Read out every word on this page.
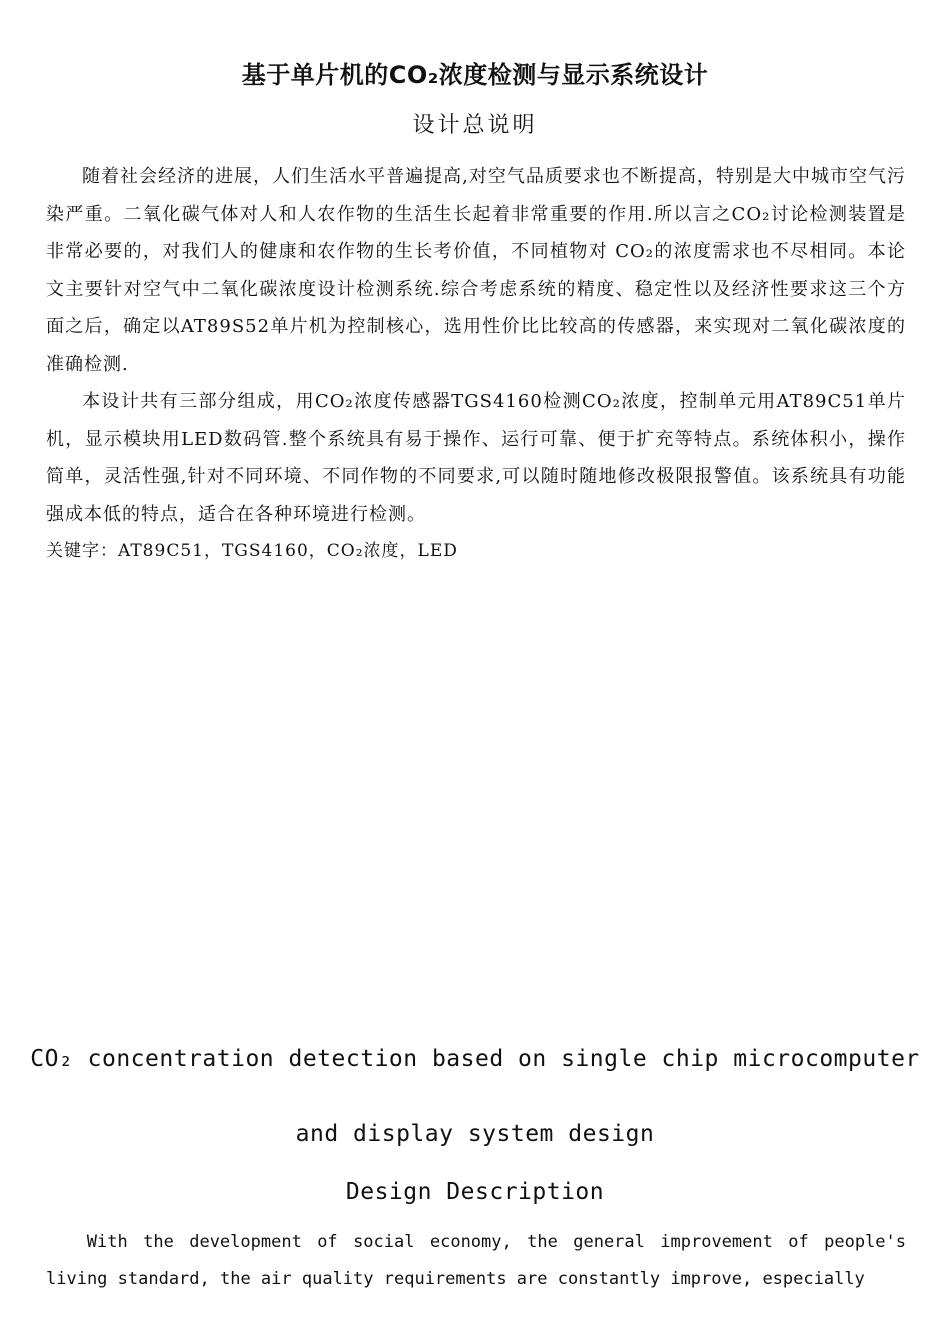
基于单片机的CO₂浓度检测与显示系统设计
设计总说明

随着社会经济的进展，人们生活水平普遍提高,对空气品质要求也不断提高，特别是大中城市空气污染严重。二氧化碳气体对人和人农作物的生活生长起着非常重要的作用.所以言之CO₂讨论检测装置是非常必要的，对我们人的健康和农作物的生长考价值，不同植物对 CO₂的浓度需求也不尽相同。本论文主要针对空气中二氧化碳浓度设计检测系统.综合考虑系统的精度、稳定性以及经济性要求这三个方面之后，确定以AT89S52单片机为控制核心，选用性价比比较高的传感器，来实现对二氧化碳浓度的准确检测.

本设计共有三部分组成，用CO₂浓度传感器TGS4160检测CO₂浓度，控制单元用AT89C51单片机，显示模块用LED数码管.整个系统具有易于操作、运行可靠、便于扩充等特点。系统体积小，操作简单，灵活性强,针对不同环境、不同作物的不同要求,可以随时随地修改极限报警值。该系统具有功能强成本低的特点，适合在各种环境进行检测。

关键字：AT89C51，TGS4160，CO₂浓度，LED

CO₂ concentration detection based on single chip microcomputer
and display system design
Design Description

With the development of social economy, the general improvement of people's living standard, the air quality requirements are constantly improve, especially
